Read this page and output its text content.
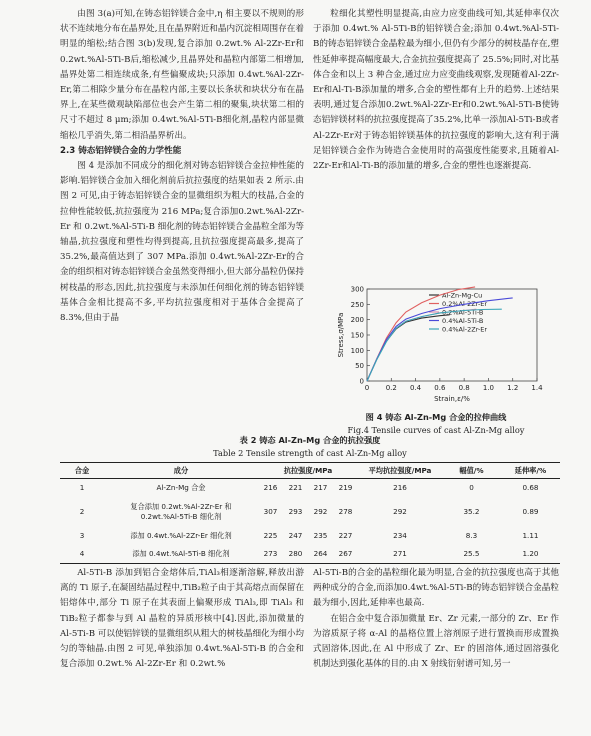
由图 3(a)可知,在铸态铝锌镁合金中,η 相主要以不规则的形状不连续地分布在晶界处,且在晶界附近和晶内沉淀相周围存在着明显的缩松;结合图 3(b)发现,复合添加 0.2wt.% Al-2Zr-Er和0.2wt.%Al-5Ti-B后,缩松减少,且晶界处和晶粒内部第二相增加,晶界处第二相连续成条,有些偏聚成块;只添加 0.4wt.%Al-2Zr-Er,第二相除少量分布在晶粒内部,主要以长条状和块状分布在晶界上,在某些微观缺陷部位也会产生第二相的聚集,块状第二相的尺寸不超过 8 μm;添加 0.4wt.%Al-5Ti-B细化剂,晶粒内部显微缩松几乎消失,第二相沿晶界析出。

2.3 铸态铝锌镁合金的力学性能

图 4 是添加不同成分的细化剂对铸态铝锌镁合金拉伸性能的影响.铝锌镁合金加入细化剂前后抗拉强度的结果如表 2 所示.由图 2 可见,由于铸态铝锌镁合金的显微组织为粗大的枝晶,合金的拉伸性能较低,抗拉强度为 216 MPa;复合添加0.2wt.%Al-2Zr-Er 和 0.2wt.%Al-5Ti-B 细化剂的铸态铝锌镁合金晶粒全部为等轴晶,抗拉强度和塑性均得到提高,且抗拉强度提高最多,提高了 35.2%,最高值达到了 307 MPa.添加 0.4wt.%Al-2Zr-Er的合金的组织相对铸态铝锌镁合金虽然变得细小,但大部分晶粒仍保持树枝晶的形态,因此,抗拉强度与未添加任何细化剂的铸态铝锌镁基体合金相比提高不多,平均抗拉强度相对于基体合金提高了 8.3%,但由于晶

粒细化其塑性明显提高,由应力应变曲线可知,其延伸率仅次于添加 0.4wt.% Al-5Ti-B的铝锌镁合金;添加 0.4wt.%Al-5Ti-B的铸态铝锌镁合金晶粒最为细小,但仍有少部分的树枝晶存在,塑性延伸率提高幅度最大,合金抗拉强度提高了 25.5%;同时,对比基体合金和以上 3 种合金,通过应力应变曲线观察,发现随着Al-2Zr-Er和Al-Ti-B添加量的增多,合金的塑性都有上升的趋势.上述结果表明,通过复合添加0.2wt.%Al-2Zr-Er和0.2wt.%Al-5Ti-B使铸态铝锌镁材料的抗拉强度提高了35.2%,比单一添加Al-5Ti-B或者Al-2Zr-Er对于铸态铝锌镁基体的抗拉强度的影响大,这有利于满足铝锌镁合金作为铸造合金使用时的高强度性能要求,且随着Al-2Zr-Er和Al-Ti-B的添加量的增多,合金的塑性也逐渐提高.

0 0.2 0.4 0.6 0.8 1.0 1.2 1.4
0
50
100
150
200
250
300
Strain,ε/%
Stress,σ/MPa
Al-Zn-Mg-Cu
0.2%Al-2Zr-Er
0.2%Al-5Ti-B
0.4%Al-5Ti-B
0.4%Al-2Zr-Er
图 4 铸态 Al-Zn-Mg 合金的拉伸曲线
Fig.4 Tensile curves of cast Al-Zn-Mg alloy
表 2 铸态 Al-Zn-Mg 合金的抗拉强度
Table 2 Tensile strength of cast Al-Zn-Mg alloy
合金	成分	抗拉强度/MPa				平均抗拉强度/MPa	幅值/%	延伸率/%
1	Al-Zn-Mg 合金	216	221	217	219	216	0	0.68
2	复合添加 0.2wt.%Al-2Zr-Er 和 0.2wt.%Al-5Ti-B 细化剂	307	293	292	278	292	35.2	0.89
3	添加 0.4wt.%Al-2Zr-Er 细化剂	225	247	235	227	234	8.3	1.11
4	添加 0.4wt.%Al-5Ti-B 细化剂	273	280	264	267	271	25.5	1.20

Al-5Ti-B 添加到铝合金熔体后,TiAl₃相逐渐溶解,释放出游离的 Ti 原子,在凝固结晶过程中,TiB₂粒子由于其高熔点而保留在铝熔体中,部分 Ti 原子在其表面上偏聚形成 TiAl₃,即 TiAl₃ 和 TiB₂粒子都参与到 Al 晶粒的异质形核中[4].因此,添加微量的 Al-5Ti-B 可以使铝锌镁的显微组织从粗大的树枝晶细化为细小均匀的等轴晶.由图 2 可见,单独添加 0.4wt.%Al-5Ti-B 的合金和复合添加 0.2wt.% Al-2Zr-Er 和 0.2wt.%

Al-5Ti-B的合金的晶粒细化最为明显,合金的抗拉强度也高于其他两种成分的合金,而添加0.4wt.%Al-5Ti-B的铸态铝锌镁合金晶粒最为细小,因此,延伸率也最高.

在铝合金中复合添加微量 Er、Zr 元素,一部分的 Zr、Er 作为溶质原子将 α-Al 的晶格位置上溶剂原子进行置换而形成置换式固溶体,因此,在 Al 中形成了 Zr、Er 的固溶体,通过固溶强化机制达到强化基体的目的.由 X 射线衍射谱可知,另一
